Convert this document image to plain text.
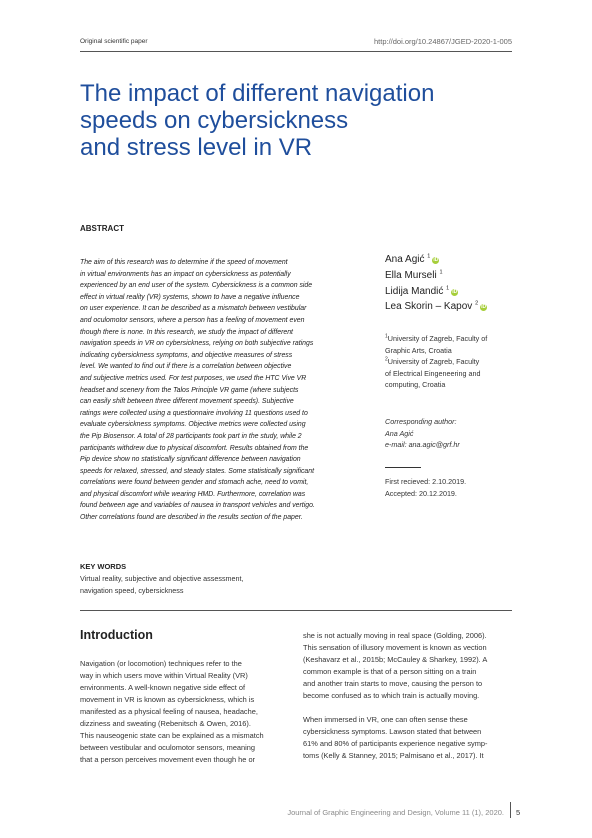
Original scientific paper	http://doi.org/10.24867/JGED-2020-1-005
The impact of different navigation
speeds on cybersickness
and stress level in VR
ABSTRACT
The aim of this research was to determine if the speed of movement
in virtual environments has an impact on cybersickness as potentially
experienced by an end user of the system. Cybersickness is a common side
effect in virtual reality (VR) systems, shown to have a negative influence
on user experience. It can be described as a mismatch between vestibular
and oculomotor sensors, where a person has a feeling of movement even
though there is none. In this research, we study the impact of different
navigation speeds in VR on cybersickness, relying on both subjective ratings
indicating cybersickness symptoms, and objective measures of stress
level. We wanted to find out if there is a correlation between objective
and subjective metrics used. For test purposes, we used the HTC Vive VR
headset and scenery from the Talos Principle VR game (where subjects
can easily shift between three different movement speeds). Subjective
ratings were collected using a questionnaire involving 11 questions used to
evaluate cybersickness symptoms. Objective metrics were collected using
the Pip Biosensor. A total of 28 participants took part in the study, while 2
participants withdrew due to physical discomfort. Results obtained from the
Pip device show no statistically significant difference between navigation
speeds for relaxed, stressed, and steady states. Some statistically significant
correlations were found between gender and stomach ache, need to vomit,
and physical discomfort while wearing HMD. Furthermore, correlation was
found between age and variables of nausea in transport vehicles and vertigo.
Other correlations found are described in the results section of the paper.
Ana Agić $^1$iD
Ella Murseli $^1$
Lidija Mandić $^1$iD
Lea Skorin – Kapov $^2$iD
$^1$University of Zagreb, Faculty of
Graphic Arts, Croatia
$^2$University of Zagreb, Faculty
of Electrical Eingeneering and
computing, Croatia
Corresponding author:
Ana Agić
e-mail: ana.agic@grf.hr
First recieved: 2.10.2019.
Accepted: 20.12.2019.
KEY WORDS
Virtual reality, subjective and objective assessment,
navigation speed, cybersickness
Introduction
Navigation (or locomotion) techniques refer to the
way in which users move within Virtual Reality (VR)
environments. A well-known negative side effect of
movement in VR is known as cybersickness, which is
manifested as a physical feeling of nausea, headache,
dizziness and sweating (Rebenitsch & Owen, 2016).
This nauseogenic state can be explained as a mismatch
between vestibular and oculomotor sensors, meaning
that a person perceives movement even though he or
she is not actually moving in real space (Golding, 2006).
This sensation of illusory movement is known as vection
(Keshavarz et al., 2015b; McCauley & Sharkey, 1992). A
common example is that of a person sitting on a train
and another train starts to move, causing the person to
become confused as to which train is actually moving.
When immersed in VR, one can often sense these
cybersickness symptoms. Lawson stated that between
61% and 80% of participants experience negative symp-
toms (Kelly & Stanney, 2015; Palmisano et al., 2017). It
Journal of Graphic Engineering and Design, Volume 11 (1), 2020. 5
